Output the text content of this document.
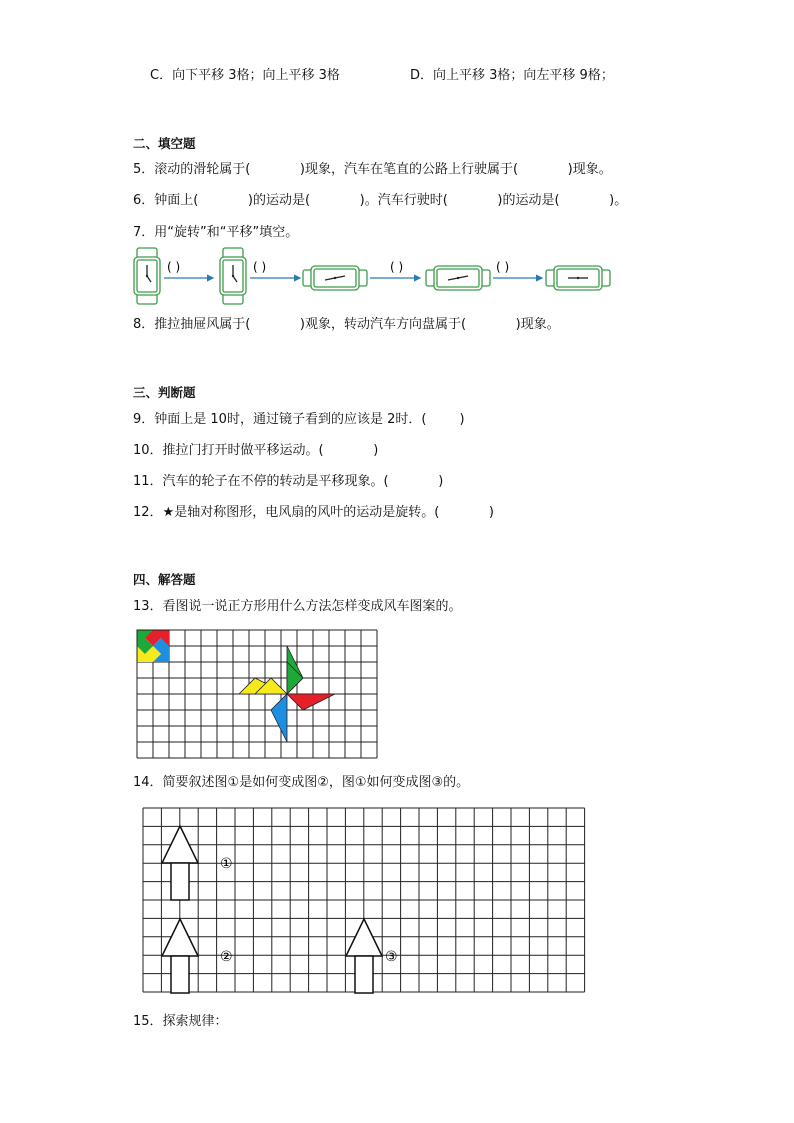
C．向下平移 3格；向上平移 3格	D．向上平移 3格；向左平移 9格；
二、填空题
5．滚动的滑轮属于(            )现象，汽车在笔直的公路上行驶属于(            )现象。
6．钟面上(            )的运动是(            )。汽车行驶时(            )的运动是(            )。
7．用“旋转”和“平移”填空。
( )	( )	( )	( )
8．推拉抽屉风属于(            )观象，转动汽车方向盘属于(            )现象。
三、判断题
9．钟面上是 10时，通过镜子看到的应该是 2时．(        )
10．推拉门打开时做平移运动。(            )
11．汽车的轮子在不停的转动是平移现象。(            )
12．★是轴对称图形，电风扇的风叶的运动是旋转。(            )
四、解答题
13．看图说一说正方形用什么方法怎样变成风车图案的。
14．简要叙述图①是如何变成图②，图①如何变成图③的。
①
②	③
15．探索规律：
